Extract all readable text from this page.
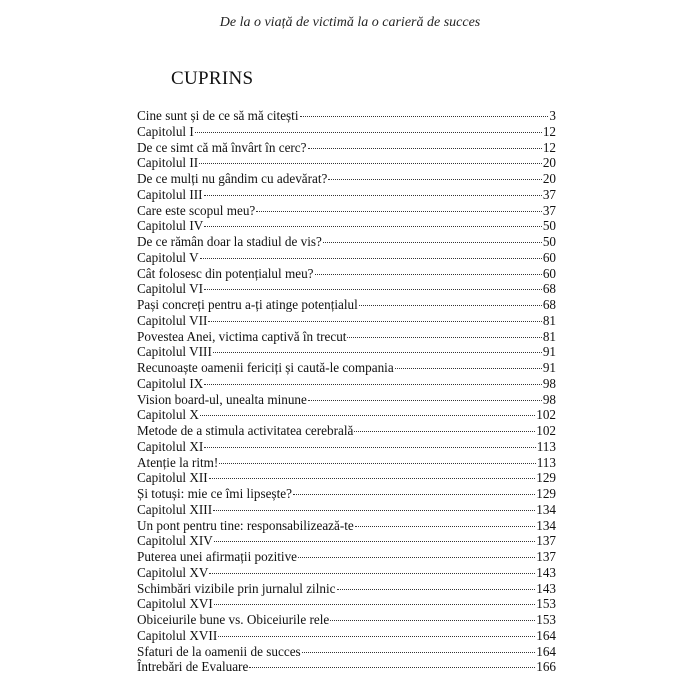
De la o viață de victimă la o carieră de succes
CUPRINS
Cine sunt și de ce să mă citești	3
Capitolul I	12
De ce simt că mă învârt în cerc?	12
Capitolul II	20
De ce mulți nu gândim cu adevărat?	20
Capitolul III	37
Care este scopul meu?	37
Capitolul IV	50
De ce rămân doar la stadiul de vis?	50
Capitolul V	60
Cât folosesc din potențialul meu?	60
Capitolul VI	68
Pași concreți pentru a-ți atinge potențialul	68
Capitolul VII	81
Povestea Anei, victima captivă în trecut	81
Capitolul VIII	91
Recunoaște oamenii fericiți și caută-le compania	91
Capitolul IX	98
Vision board-ul, unealta minune	98
Capitolul X	102
Metode de a stimula activitatea cerebrală	102
Capitolul XI	113
Atenție la ritm!	113
Capitolul XII	129
Și totuși: mie ce îmi lipsește?	129
Capitolul XIII	134
Un pont pentru tine: responsabilizează-te	134
Capitolul XIV	137
Puterea unei afirmații pozitive	137
Capitolul XV	143
Schimbări vizibile prin jurnalul zilnic	143
Capitolul XVI	153
Obiceiurile bune vs. Obiceiurile rele	153
Capitolul XVII	164
Sfaturi de la oamenii de succes	164
Întrebări de Evaluare	166
